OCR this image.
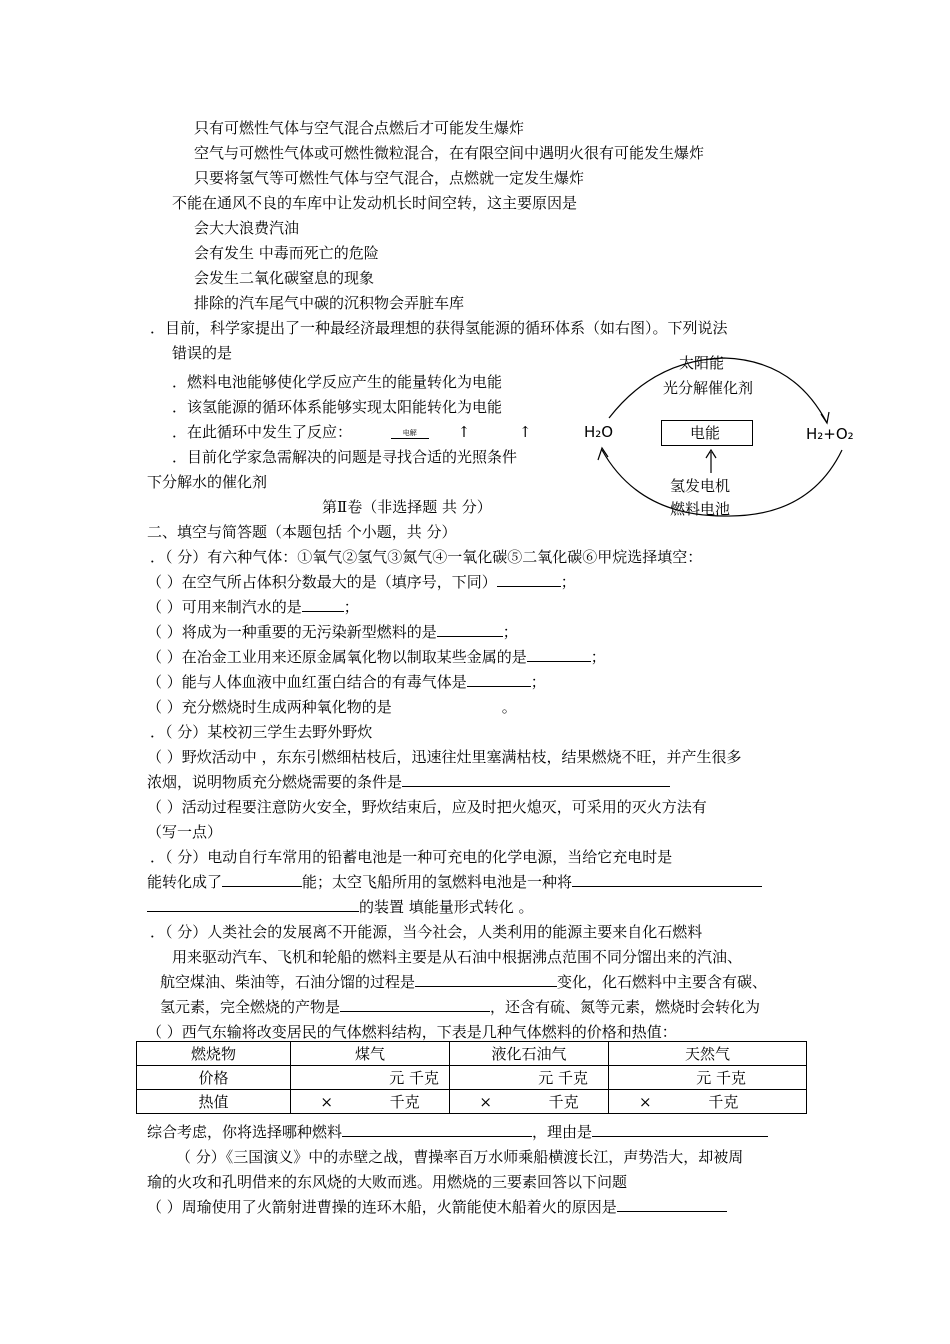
只有可燃性气体与空气混合点燃后才可能发生爆炸
空气与可燃性气体或可燃性微粒混合，在有限空间中遇明火很有可能发生爆炸
只要将氢气等可燃性气体与空气混合，点燃就一定发生爆炸
不能在通风不良的车库中让发动机长时间空转，这主要原因是
会大大浪费汽油
会有发生 中毒而死亡的危险
会发生二氧化碳窒息的现象
排除的汽车尾气中碳的沉积物会弄脏车库
．目前，科学家提出了一种最经济最理想的获得氢能源的循环体系（如右图）。下列说法
错误的是
．燃料电池能够使化学反应产生的能量转化为电能
．该氢能源的循环体系能够实现太阳能转化为电能
．在此循环中发生了反应：	电解	↑ ↑
．目前化学家急需解决的问题是寻找合适的光照条件
下分解水的催化剂
太阳能
光分解催化剂
H₂O	H₂+O₂
电能
氢发电机
燃料电池
第Ⅱ卷（非选择题 共 分）
二、填空与简答题（本题包括 个小题，共 分）
．（ 分）有六种气体：①氧气②氢气③氮气④一氧化碳⑤二氧化碳⑥甲烷选择填空：
（ ）在空气所占体积分数最大的是（填序号，下同）	；
（ ）可用来制汽水的是	；
（ ）将成为一种重要的无污染新型燃料的是	；
（ ）在冶金工业用来还原金属氧化物以制取某些金属的是	；
（ ）能与人体血液中血红蛋白结合的有毒气体是	；
（ ）充分燃烧时生成两种氧化物的是	。
．（ 分）某校初三学生去野外野炊
（ ）野炊活动中 ，东东引燃细枯枝后，迅速往灶里塞满枯枝，结果燃烧不旺，并产生很多
浓烟，说明物质充分燃烧需要的条件是
（ ）活动过程要注意防火安全，野炊结束后，应及时把火熄灭，可采用的灭火方法有
（写一点）
．（ 分）电动自行车常用的铅蓄电池是一种可充电的化学电源，当给它充电时是
能转化成了	能；太空飞船所用的氢燃料电池是一种将
的装置 填能量形式转化 。
．（ 分）人类社会的发展离不开能源，当今社会，人类利用的能源主要来自化石燃料
用来驱动汽车、飞机和轮船的燃料主要是从石油中根据沸点范围不同分馏出来的汽油、
航空煤油、柴油等，石油分馏的过程是	变化，化石燃料中主要含有碳、
氢元素，完全燃烧的产物是	，还含有硫、氮等元素，燃烧时会转化为
（ ）西气东输将改变居民的气体燃料结构，下表是几种气体燃料的价格和热值：
燃烧物	煤气	液化石油气	天然气
价格	元 千克	元 千克	元 千克
热值	× 千克	× 千克	× 千克
综合考虑，你将选择哪种燃料	，理由是
（ 分）《三国演义》中的赤壁之战，曹操率百万水师乘船横渡长江，声势浩大，却被周
瑜的火攻和孔明借来的东风烧的大败而逃。用燃烧的三要素回答以下问题
（ ）周瑜使用了火箭射进曹操的连环木船，火箭能使木船着火的原因是
